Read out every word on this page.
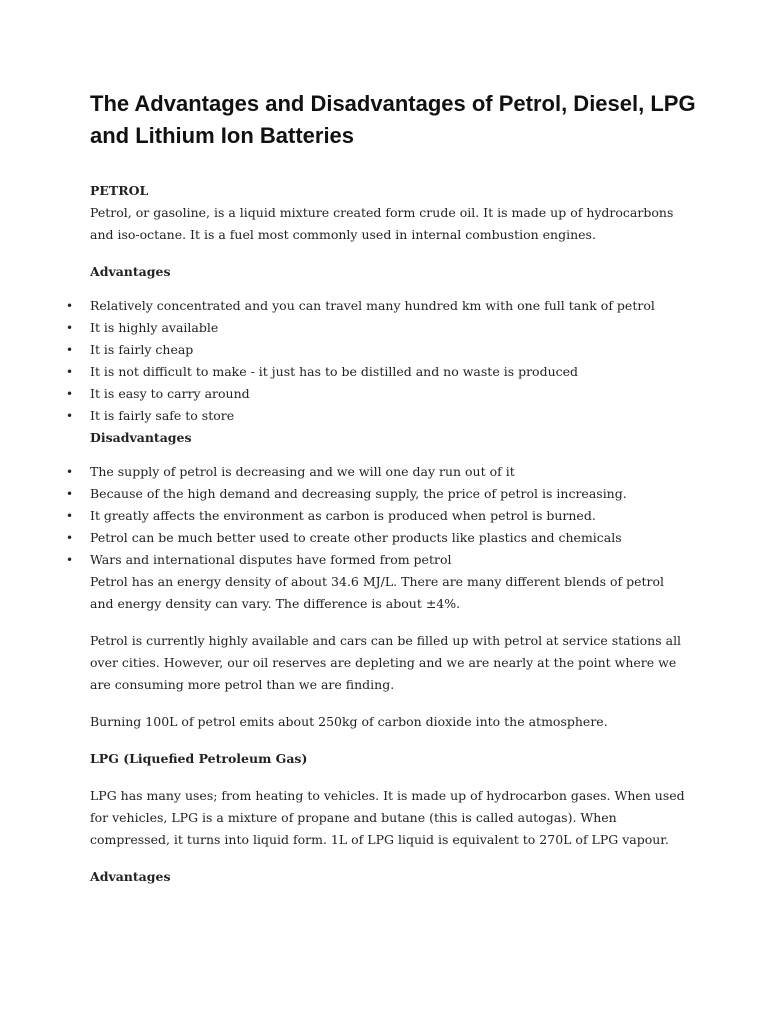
The Advantages and Disadvantages of Petrol, Diesel, LPG and Lithium Ion Batteries

PETROL

Petrol, or gasoline, is a liquid mixture created form crude oil. It is made up of hydrocarbons and iso-octane. It is a fuel most commonly used in internal combustion engines.

Advantages

• Relatively concentrated and you can travel many hundred km with one full tank of petrol
• It is highly available
• It is fairly cheap
• It is not difficult to make - it just has to be distilled and no waste is produced
• It is easy to carry around
• It is fairly safe to store

Disadvantages

• The supply of petrol is decreasing and we will one day run out of it
• Because of the high demand and decreasing supply, the price of petrol is increasing.
• It greatly affects the environment as carbon is produced when petrol is burned.
• Petrol can be much better used to create other products like plastics and chemicals
• Wars and international disputes have formed from petrol

Petrol has an energy density of about 34.6 MJ/L. There are many different blends of petrol and energy density can vary. The difference is about ±4%.

Petrol is currently highly available and cars can be filled up with petrol at service stations all over cities. However, our oil reserves are depleting and we are nearly at the point where we are consuming more petrol than we are finding.

Burning 100L of petrol emits about 250kg of carbon dioxide into the atmosphere.

LPG (Liquefied Petroleum Gas)

LPG has many uses; from heating to vehicles. It is made up of hydrocarbon gases. When used for vehicles, LPG is a mixture of propane and butane (this is called autogas). When compressed, it turns into liquid form. 1L of LPG liquid is equivalent to 270L of LPG vapour.

Advantages
